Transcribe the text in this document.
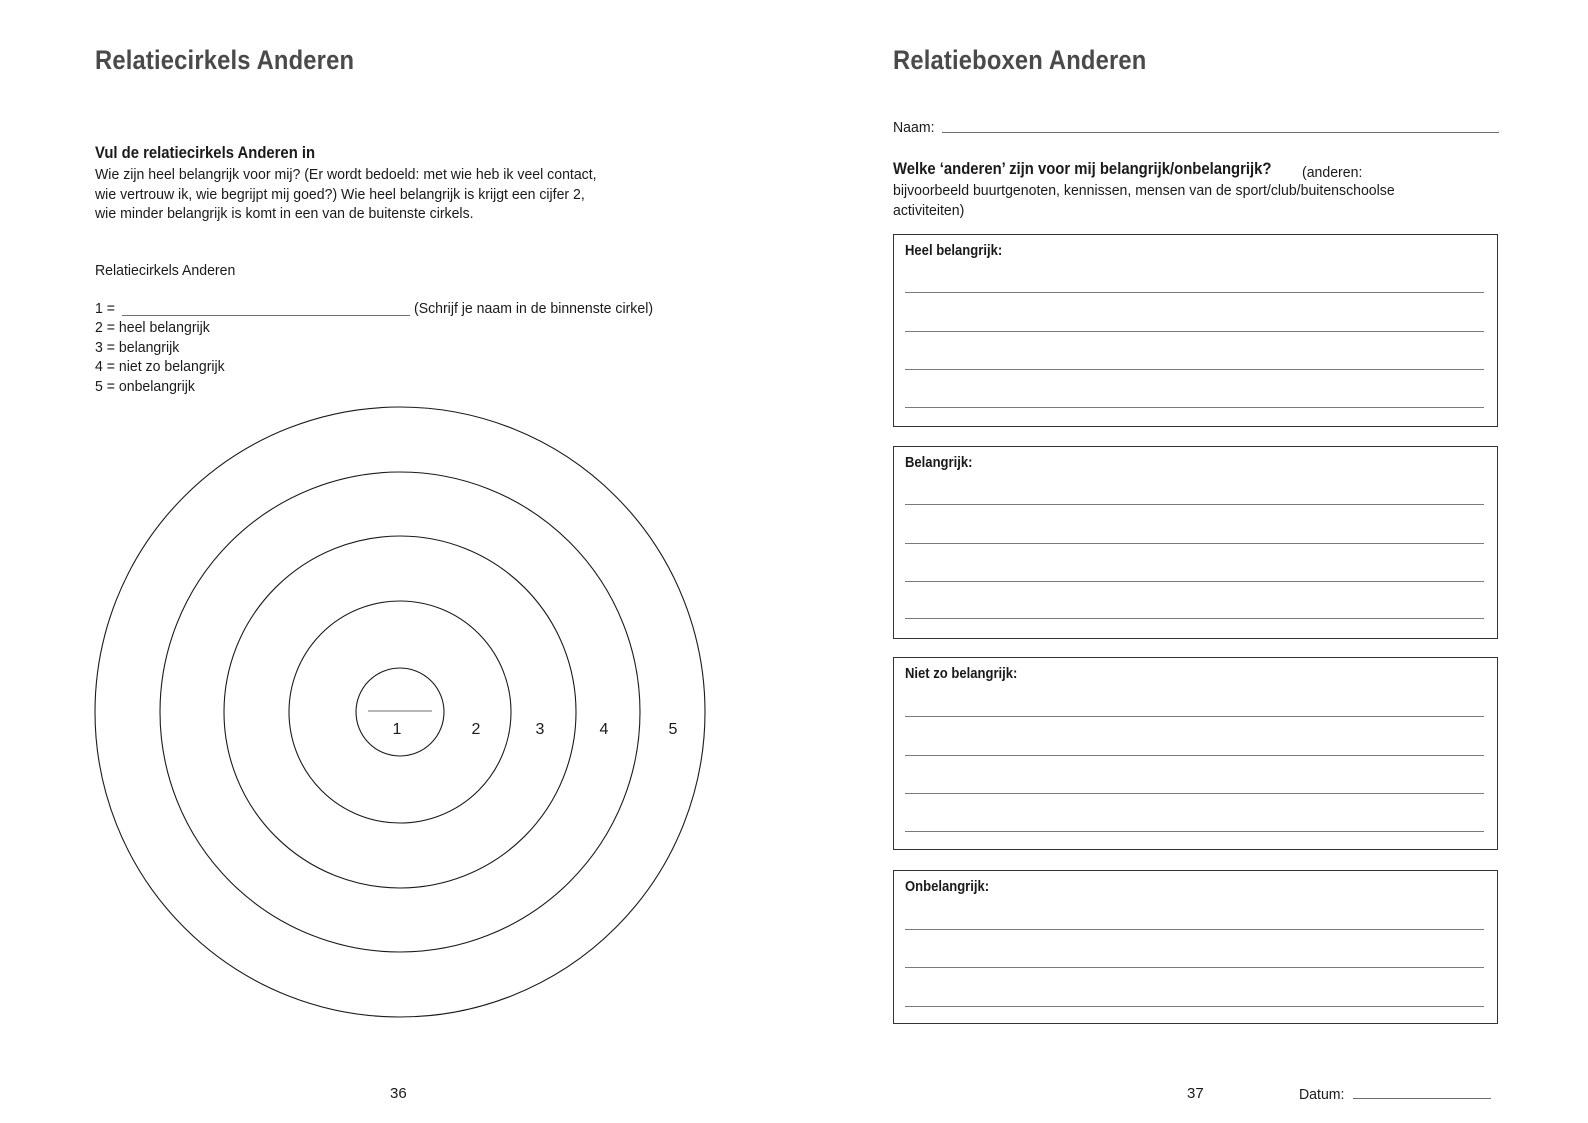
Relatiecirkels Anderen
Vul de relatiecirkels Anderen in
Wie zijn heel belangrijk voor mij? (Er wordt bedoeld: met wie heb ik veel contact,
wie vertrouw ik, wie begrijpt mij goed?) Wie heel belangrijk is krijgt een cijfer 2,
wie minder belangrijk is komt in een van de buitenste cirkels.
Relatiecirkels Anderen
1 =	(Schrijf je naam in de binnenste cirkel)
2 = heel belangrijk
3 = belangrijk
4 = niet zo belangrijk
5 = onbelangrijk
1	2	3	4	5
36
Relatieboxen Anderen
Naam:
Welke ‘anderen’ zijn voor mij belangrijk/onbelangrijk?	(anderen:
bijvoorbeeld buurtgenoten, kennissen, mensen van de sport/club/buitenschoolse
activiteiten)
Heel belangrijk:
Belangrijk:
Niet zo belangrijk:
Onbelangrijk:
37	Datum:
